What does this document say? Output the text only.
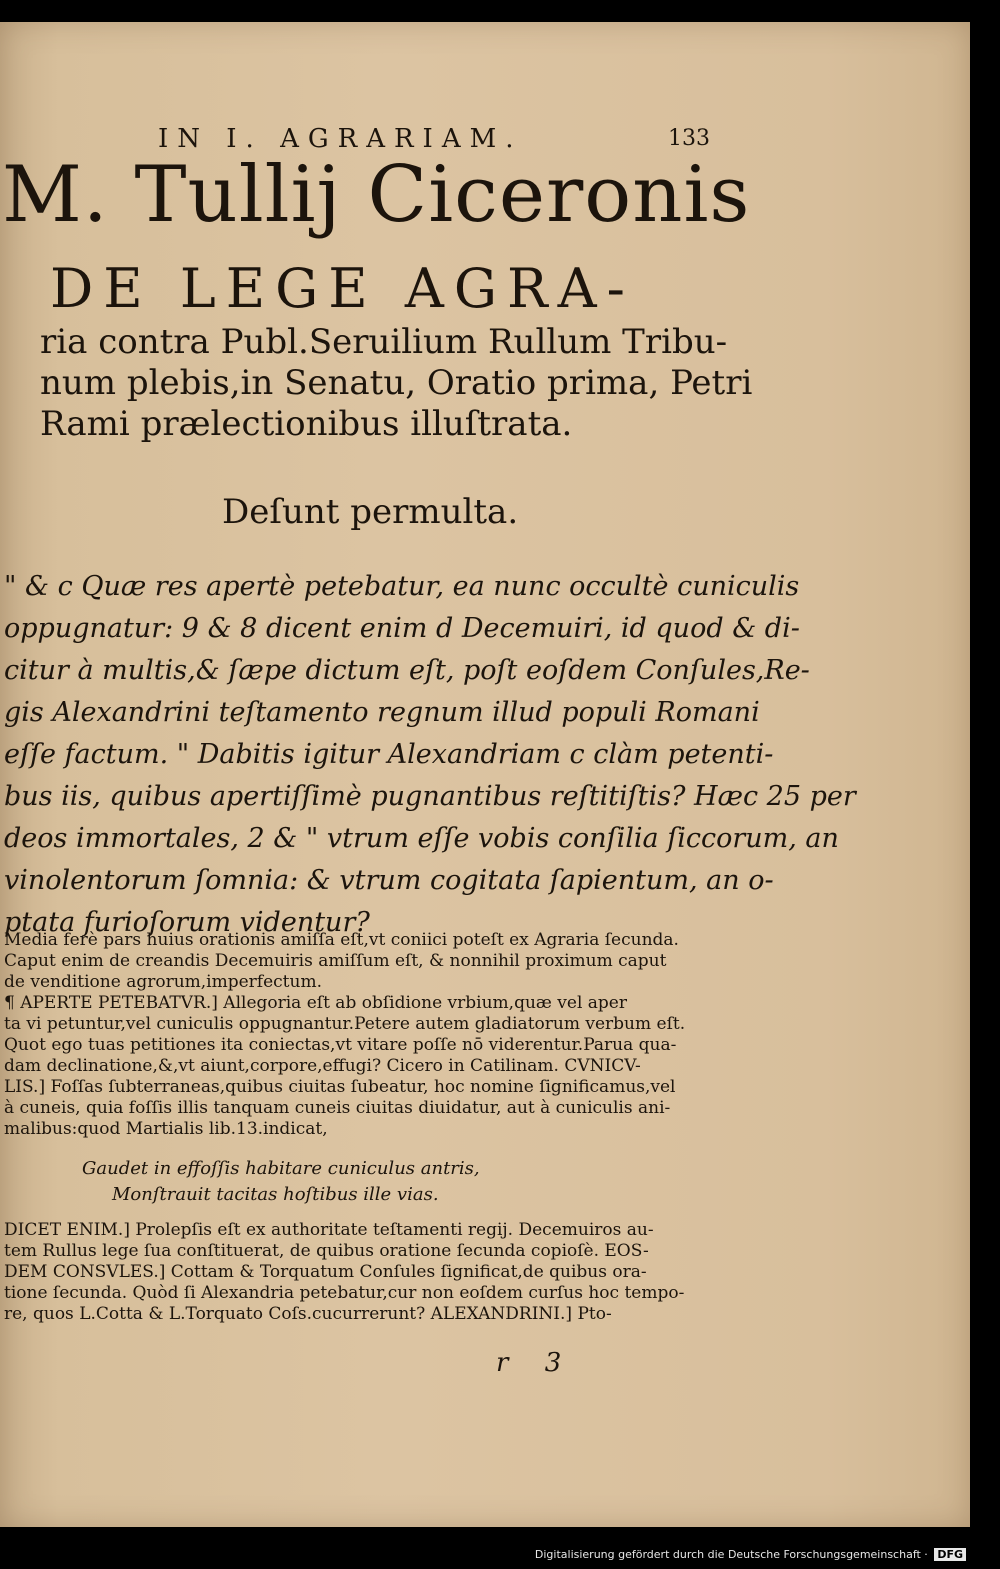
IN I. AGRARIAM.	133
M. Tullij Ciceronis
DE LEGE AGRA-
ria contra Publ.Seruilium Rullum Tribu-
num plebis,in Senatu, Oratio prima, Petri
Rami prælectionibus illuſtrata.
Deſunt permulta.
" & c Quæ res apertè petebatur, ea nunc occultè cuniculis
oppugnatur: 9 & 8 dicent enim d Decemuiri, id quod & di-
citur à multis,& ſæpe dictum eſt, poſt eoſdem Conſules,Re-
gis Alexandrini teſtamento regnum illud populi Romani
eſſe factum. " Dabitis igitur Alexandriam c clàm petenti-
bus iis, quibus apertiſſimè pugnantibus reſtitiſtis? Hæc 25 per
deos immortales, 2 & " vtrum eſſe vobis conſilia ſiccorum, an
vinolentorum ſomnia: & vtrum cogitata ſapientum, an o-
ptata furioſorum videntur?
Media ferè pars huius orationis amiſſa eſt,vt coniici poteſt ex Agraria ſecunda.
Caput enim de creandis Decemuiris amiſſum eſt, & nonnihil proximum caput
de venditione agrorum,imperfectum.
¶ APERTE PETEBATVR.] Allegoria eſt ab obſidione vrbium,quæ vel aper
ta vi petuntur,vel cuniculis oppugnantur.Petere autem gladiatorum verbum eſt.
Quot ego tuas petitiones ita coniectas,vt vitare poſſe nō viderentur.Parua qua-
dam declinatione,&,vt aiunt,corpore,effugi? Cicero in Catilinam. CVNICV-
LIS.] Foſſas ſubterraneas,quibus ciuitas ſubeatur, hoc nomine ſignificamus,vel
à cuneis, quia foſſis illis tanquam cuneis ciuitas diuidatur, aut à cuniculis ani-
malibus:quod Martialis lib.13.indicat,
Gaudet in effoſſis habitare cuniculus antris,
Monſtrauit tacitas hoſtibus ille vias.
DICET ENIM.] Prolepſis eſt ex authoritate teſtamenti regij. Decemuiros au-
tem Rullus lege ſua conſtituerat, de quibus oratione ſecunda copioſè. EOS-
DEM CONSVLES.] Cottam & Torquatum Conſules ſignificat,de quibus ora-
tione ſecunda. Quòd ſi Alexandria petebatur,cur non eoſdem curſus hoc tempo-
re, quos L.Cotta & L.Torquato Coſs.cucurrerunt? ALEXANDRINI.] Pto-
r 3
Digitalisierung gefördert durch die Deutsche Forschungsgemeinschaft · DFG
